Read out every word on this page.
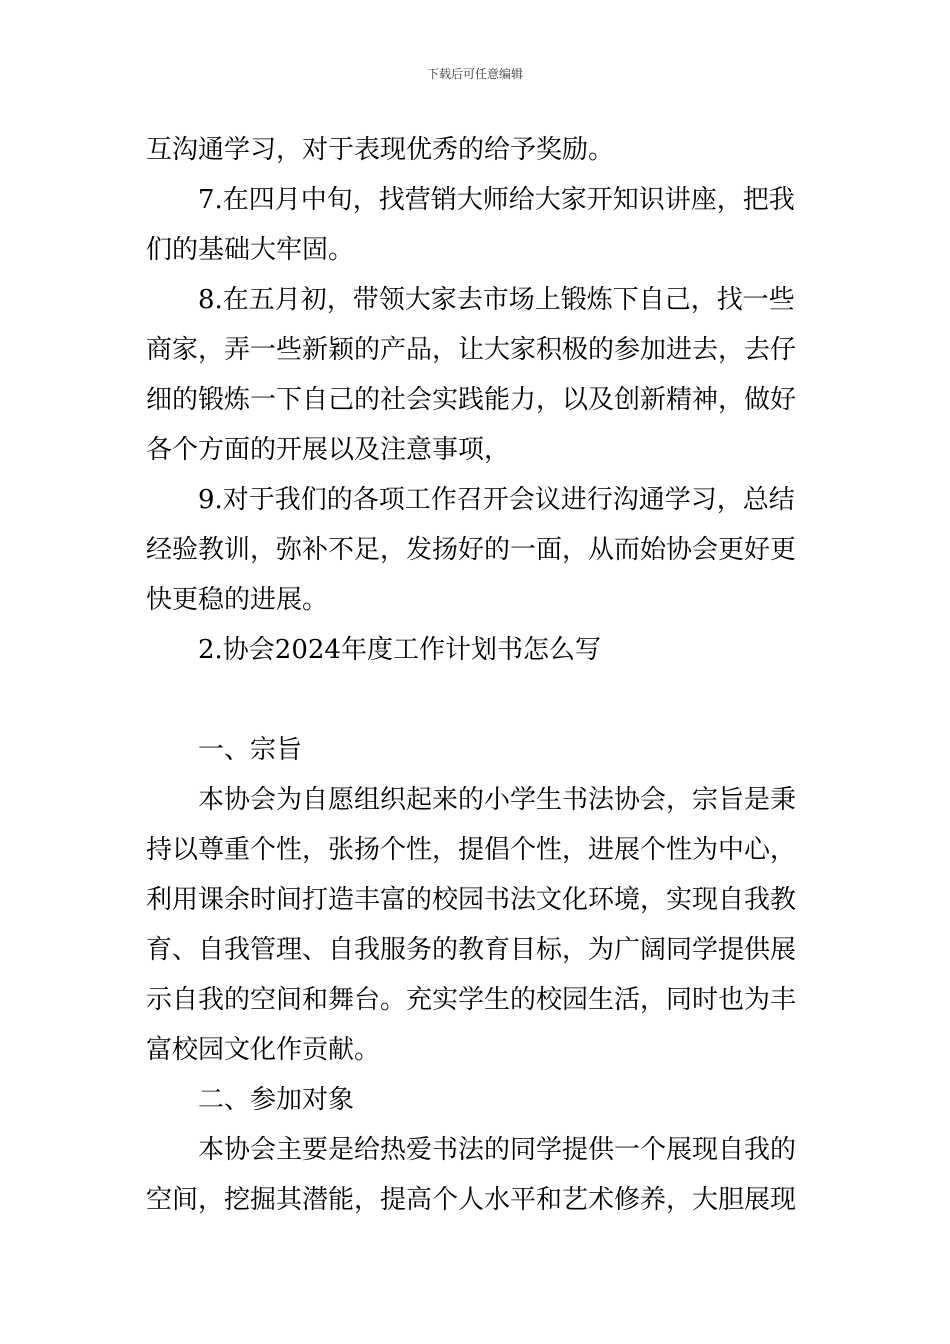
下载后可任意编辑
互沟通学习，对于表现优秀的给予奖励。
7.在四月中旬，找营销大师给大家开知识讲座，把我
们的基础大牢固。
8.在五月初，带领大家去市场上锻炼下自己，找一些
商家，弄一些新颖的产品，让大家积极的参加进去，去仔
细的锻炼一下自己的社会实践能力，以及创新精神，做好
各个方面的开展以及注意事项，
9.对于我们的各项工作召开会议进行沟通学习，总结
经验教训，弥补不足，发扬好的一面，从而始协会更好更
快更稳的进展。
2.协会2024年度工作计划书怎么写
一、宗旨
本协会为自愿组织起来的小学生书法协会，宗旨是秉
持以尊重个性，张扬个性，提倡个性，进展个性为中心，
利用课余时间打造丰富的校园书法文化环境，实现自我教
育、自我管理、自我服务的教育目标，为广阔同学提供展
示自我的空间和舞台。充实学生的校园生活，同时也为丰
富校园文化作贡献。
二、参加对象
本协会主要是给热爱书法的同学提供一个展现自我的
空间，挖掘其潜能，提高个人水平和艺术修养，大胆展现
